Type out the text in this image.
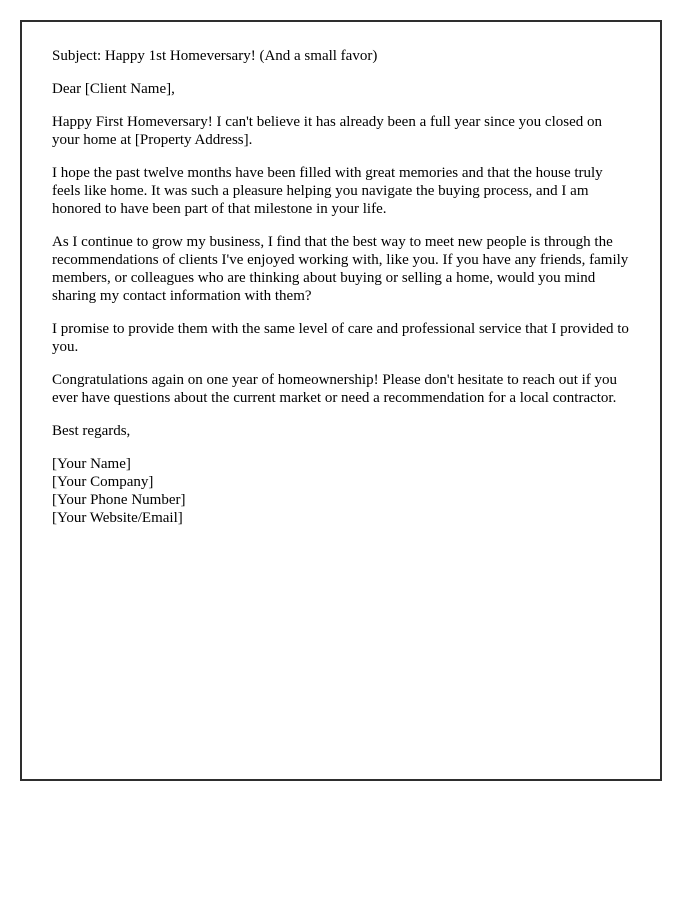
Subject: Happy 1st Homeversary! (And a small favor)

Dear [Client Name],

Happy First Homeversary! I can't believe it has already been a full year since you closed on your home at [Property Address].

I hope the past twelve months have been filled with great memories and that the house truly feels like home. It was such a pleasure helping you navigate the buying process, and I am honored to have been part of that milestone in your life.

As I continue to grow my business, I find that the best way to meet new people is through the recommendations of clients I've enjoyed working with, like you. If you have any friends, family members, or colleagues who are thinking about buying or selling a home, would you mind sharing my contact information with them?

I promise to provide them with the same level of care and professional service that I provided to you.

Congratulations again on one year of homeownership! Please don't hesitate to reach out if you ever have questions about the current market or need a recommendation for a local contractor.

Best regards,

[Your Name]
[Your Company]
[Your Phone Number]
[Your Website/Email]
